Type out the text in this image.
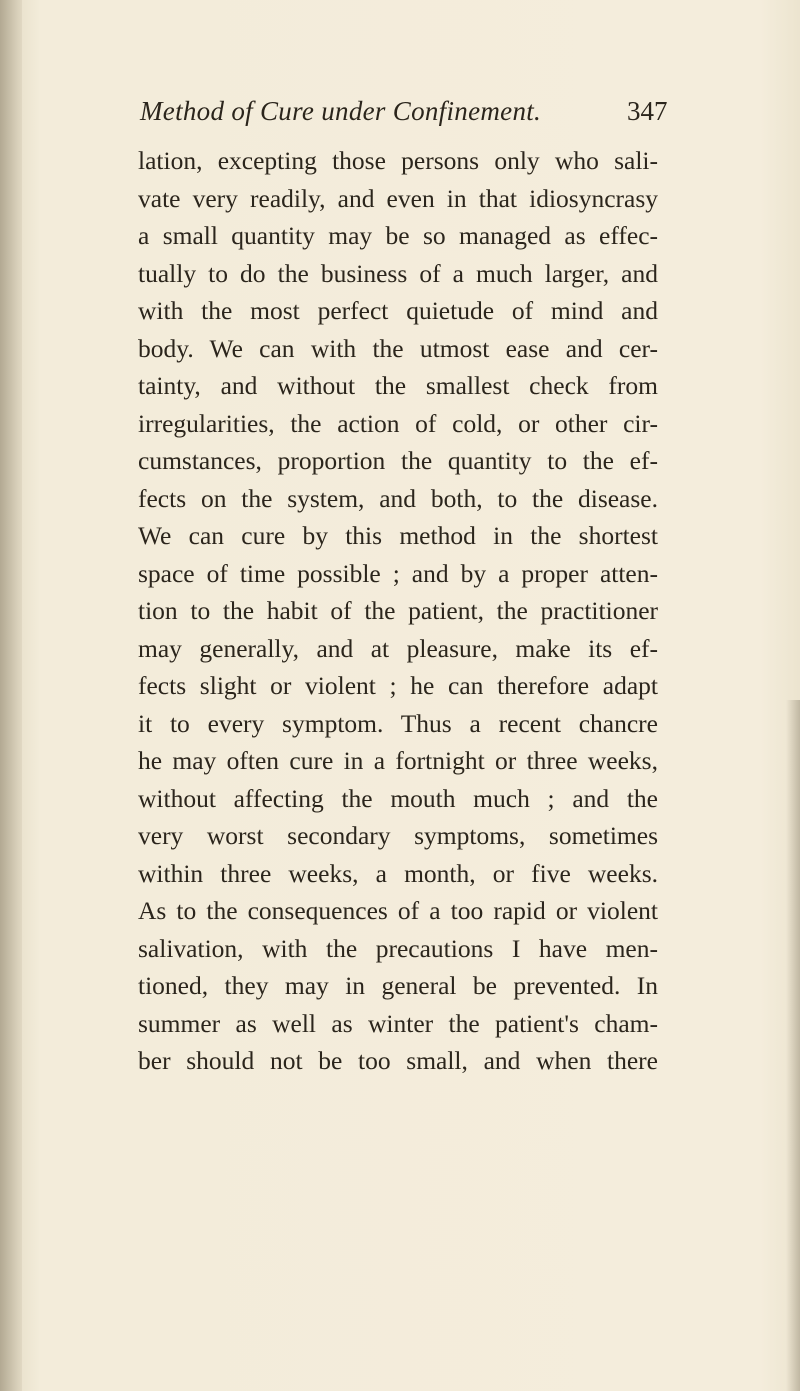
Method of Cure under Confinement.	347
lation, excepting those persons only who sali-
vate very readily, and even in that idiosyncrasy
a small quantity may be so managed as effec-
tually to do the business of a much larger, and
with the most perfect quietude of mind and
body. We can with the utmost ease and cer-
tainty, and without the smallest check from
irregularities, the action of cold, or other cir-
cumstances, proportion the quantity to the ef-
fects on the system, and both, to the disease.
We can cure by this method in the shortest
space of time possible ; and by a proper atten-
tion to the habit of the patient, the practitioner
may generally, and at pleasure, make its ef-
fects slight or violent ; he can therefore adapt
it to every symptom. Thus a recent chancre
he may often cure in a fortnight or three weeks,
without affecting the mouth much ; and the
very worst secondary symptoms, sometimes
within three weeks, a month, or five weeks.
As to the consequences of a too rapid or violent
salivation, with the precautions I have men-
tioned, they may in general be prevented. In
summer as well as winter the patient's cham-
ber should not be too small, and when there
